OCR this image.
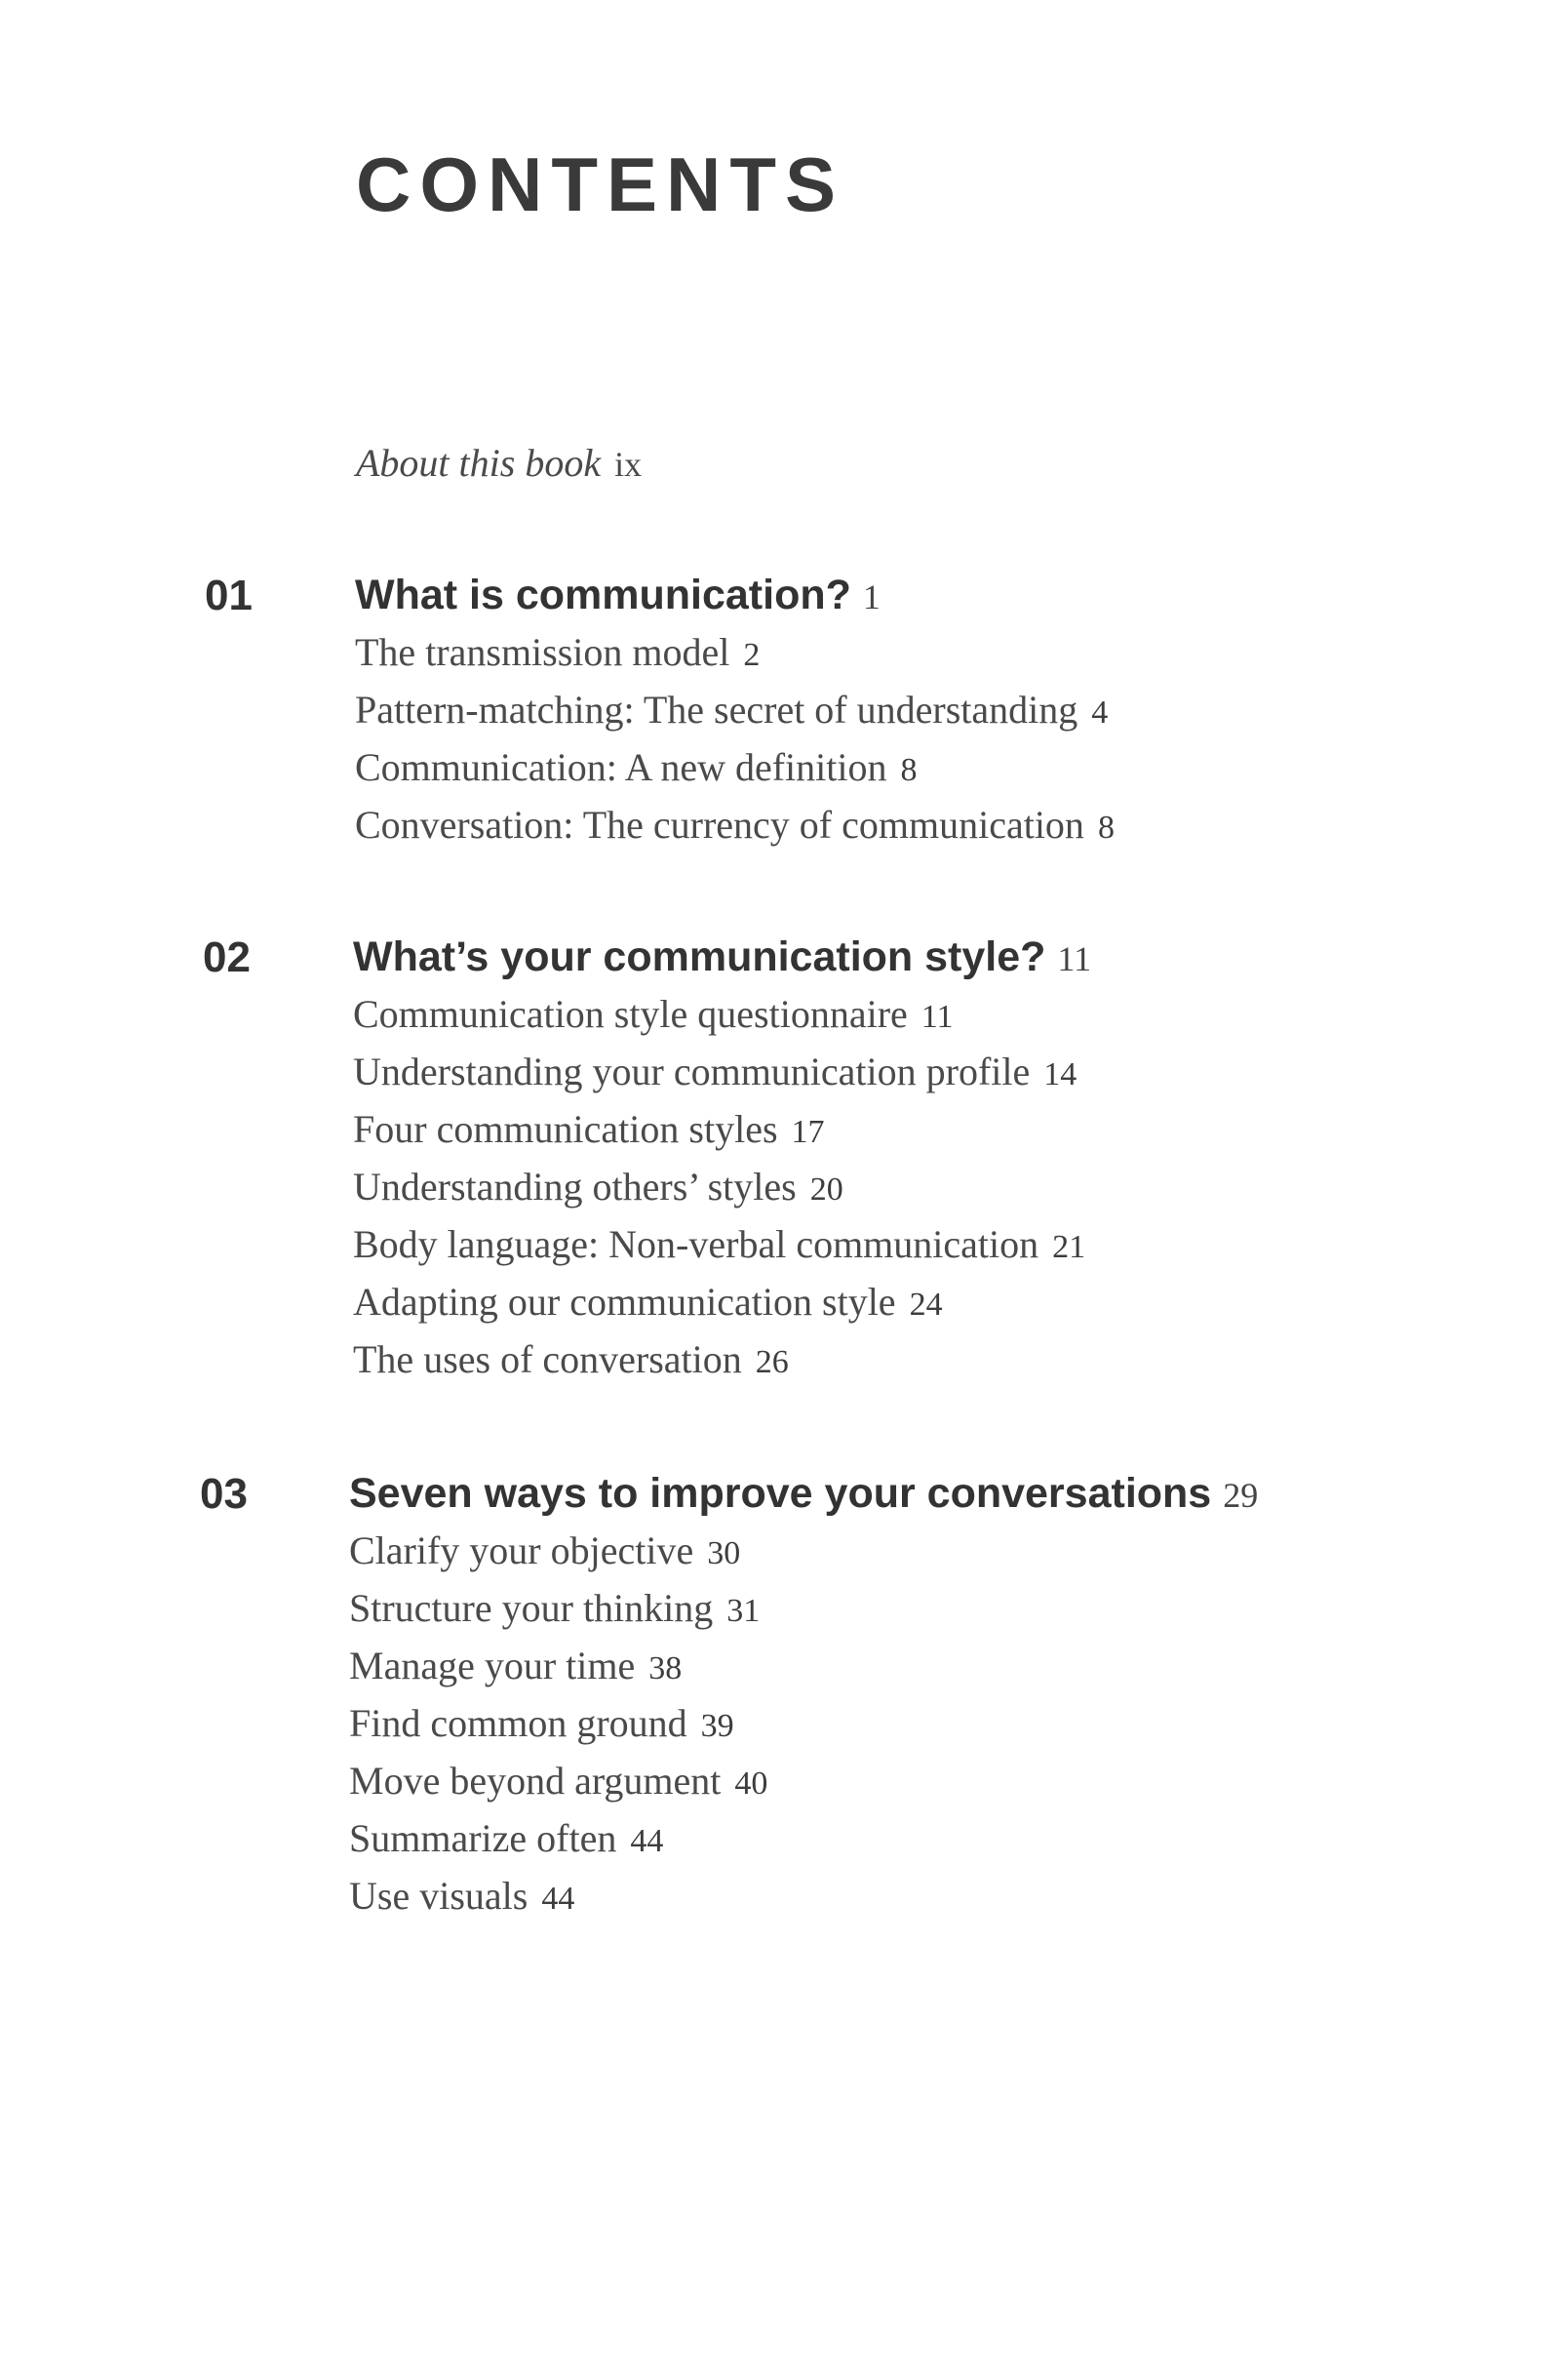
CONTENTS
About this book ix
01 What is communication? 1
The transmission model 2
Pattern-matching: The secret of understanding 4
Communication: A new definition 8
Conversation: The currency of communication 8
02 What’s your communication style? 11
Communication style questionnaire 11
Understanding your communication profile 14
Four communication styles 17
Understanding others’ styles 20
Body language: Non-verbal communication 21
Adapting our communication style 24
The uses of conversation 26
03 Seven ways to improve your conversations 29
Clarify your objective 30
Structure your thinking 31
Manage your time 38
Find common ground 39
Move beyond argument 40
Summarize often 44
Use visuals 44
